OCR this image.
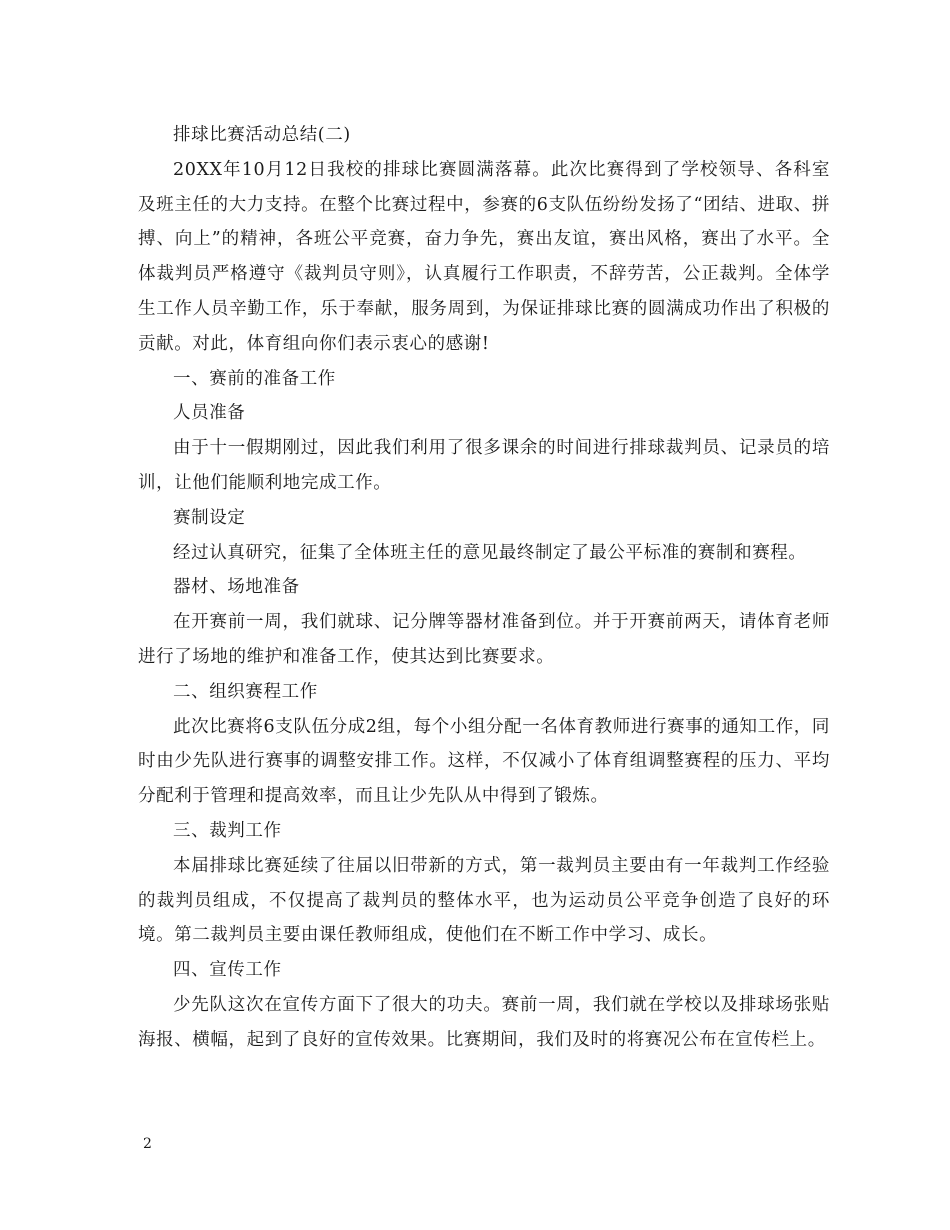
排球比赛活动总结(二)

20XX年10月12日我校的排球比赛圆满落幕。此次比赛得到了学校领导、各科室及班主任的大力支持。在整个比赛过程中，参赛的6支队伍纷纷发扬了“团结、进取、拼搏、向上”的精神，各班公平竞赛，奋力争先，赛出友谊，赛出风格，赛出了水平。全体裁判员严格遵守《裁判员守则》，认真履行工作职责，不辞劳苦，公正裁判。全体学生工作人员辛勤工作，乐于奉献，服务周到，为保证排球比赛的圆满成功作出了积极的贡献。对此，体育组向你们表示衷心的感谢!

一、赛前的准备工作

人员准备

由于十一假期刚过，因此我们利用了很多课余的时间进行排球裁判员、记录员的培训，让他们能顺利地完成工作。

赛制设定

经过认真研究，征集了全体班主任的意见最终制定了最公平标准的赛制和赛程。

器材、场地准备

在开赛前一周，我们就球、记分牌等器材准备到位。并于开赛前两天，请体育老师进行了场地的维护和准备工作，使其达到比赛要求。

二、组织赛程工作

此次比赛将6支队伍分成2组，每个小组分配一名体育教师进行赛事的通知工作，同时由少先队进行赛事的调整安排工作。这样，不仅减小了体育组调整赛程的压力、平均分配利于管理和提高效率，而且让少先队从中得到了锻炼。

三、裁判工作

本届排球比赛延续了往届以旧带新的方式，第一裁判员主要由有一年裁判工作经验的裁判员组成，不仅提高了裁判员的整体水平，也为运动员公平竞争创造了良好的环境。第二裁判员主要由课任教师组成，使他们在不断工作中学习、成长。

四、宣传工作

少先队这次在宣传方面下了很大的功夫。赛前一周，我们就在学校以及排球场张贴海报、横幅，起到了良好的宣传效果。比赛期间，我们及时的将赛况公布在宣传栏上。

2
